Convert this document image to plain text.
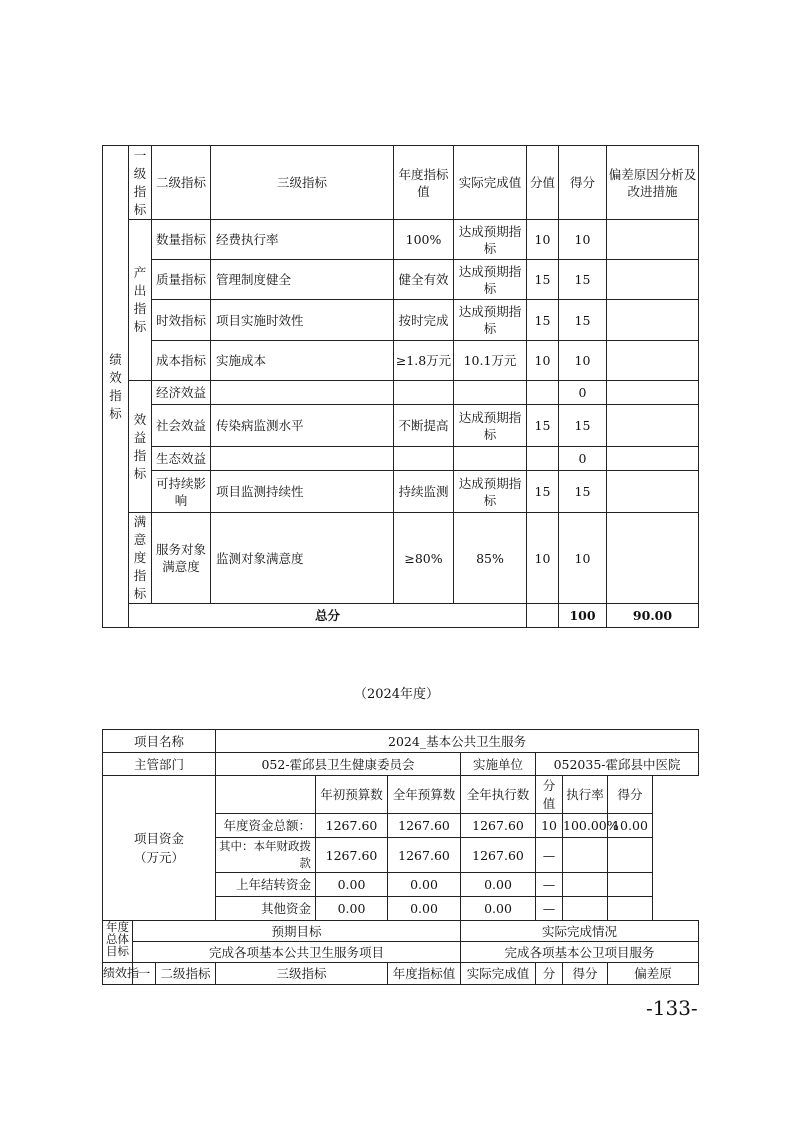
绩效指标	一级指标	二级指标	三级指标	年度指标值	实际完成值	分值	得分	偏差原因分析及改进措施	
	产出指标	数量指标	经费执行率	100%	达成预期指标	10	10		
		质量指标	管理制度健全	健全有效	达成预期指标	15	15		
		时效指标	项目实施时效性	按时完成	达成预期指标	15	15		
		成本指标	实施成本	≥1.8万元	10.1万元	10	10		
	效益指标	经济效益					0		
		社会效益	传染病监测水平	不断提高	达成预期指标	15	15		
		生态效益					0		
		可持续影响	项目监测持续性	持续监测	达成预期指标	15	15		
	满意度指标	服务对象满意度	监测对象满意度	≥80%	85%	10	10		
	总分						100	90.00	
（2024年度）
项目名称			2024_基本公共卫生服务						
主管部门			052-霍邱县卫生健康委员会			实施单位	052035-霍邱县中医院		

项目资金（万元）				年初预算数	全年预算数	全年执行数	分值	执行率	得分
			年度资金总额：	1267.60	1267.60	1267.60	10	100.00%	10.00
			其中：本年财政拨款	1267.60	1267.60	1267.60	—		
			上年结转资金	0.00	0.00	0.00	—		
			其他资金	0.00	0.00	0.00	—		

年度总体目标	预期目标					实际完成情况			
	完成各项基本公共卫生服务项目					完成各项基本公卫项目服务			
绩效指	一	二级指标	三级指标		年度指标值	实际完成值	分	得分	偏差原
-133-
